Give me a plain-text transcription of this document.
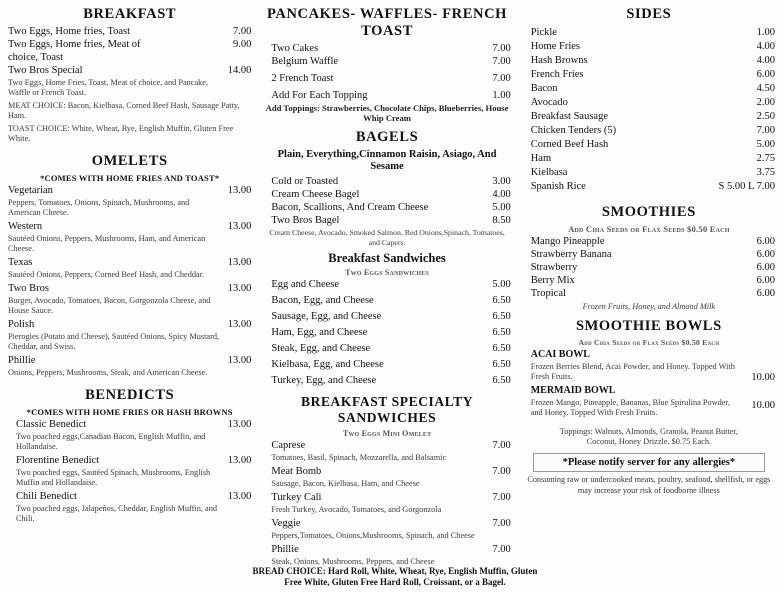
BREAKFAST
Two Eggs, Home fries, Toast	7.00
Two Eggs, Home fries, Meat of	9.00
choice, Toast
Two Bros Special	14.00
Two Eggs, Home Fries, Toast, Meat of choice, and Pancake, Waffle or French Toast.
MEAT CHOICE: Bacon, Kielbasa, Corned Beef Hash, Sausage Patty, Ham.
TOAST CHOICE: White, Wheat, Rye, English Muffin, Gluten Free White.
OMELETS
*COMES WITH HOME FRIES AND TOAST*
Vegetarian	13.00
Peppers, Tomatoes, Onions, Spinach, Mushrooms, and American Cheese.
Western	13.00
Sautéed Onions, Peppers, Mushrooms, Ham, and American Cheese.
Texas	13.00
Sautéed Onions, Peppers, Corned Beef Hash, and Cheddar.
Two Bros	13.00
Burger, Avocado, Tomatoes, Bacon, Gorgonzola Cheese, and House Sauce.
Polish	13.00
Pierogies (Potato and Cheese), Sautéed Onions, Spicy Mustard, Cheddar, and Swiss.
Phillie	13.00
Onions, Peppers, Mushrooms, Steak, and American Cheese.
BENEDICTS
*COMES WITH HOME FRIES OR HASH BROWNS
Classic Benedict	13.00
Two poached eggs,Canadian Bacon, English Muffin, and Hollandaise.
Florentine Benedict	13.00
Two poached eggs, Sautéed Spinach, Mushrooms, English Muffin and Hollandaise.
Chili Benedict	13.00
Two poached eggs, Jalapeños, Cheddar, English Muffin, and Chili.
PANCAKES- WAFFLES- FRENCH TOAST
Two Cakes	7.00
Belgium Waffle	7.00
2 French Toast	7.00
Add For Each Topping	1.00
Add Toppings: Strawberries, Chocolate Chips, Blueberries, House Whip Cream
BAGELS
Plain, Everything,Cinnamon Raisin, Asiago, And Sesame
Cold or Toasted	3.00
Cream Cheese Bagel	4.00
Bacon, Scallions, And Cream Cheese	5.00
Two Bros Bagel	8.50
Cream Cheese, Avocado, Smoked Salmon, Red Onions,Spinach, Tomatoes, and Capers.
Breakfast Sandwiches
Two Eggs Sandwiches
Egg and Cheese	5.00
Bacon, Egg, and Cheese	6.50
Sausage, Egg, and Cheese	6.50
Ham, Egg, and Cheese	6.50
Steak, Egg, and Cheese	6.50
Kielbasa, Egg, and Cheese	6.50
Turkey, Egg, and Cheese	6.50
BREAKFAST SPECIALTY SANDWICHES
Two Eggs Mini Omelet
Caprese	7.00
Tomatoes, Basil, Spinach, Mozzarella, and Balsamic
Meat Bomb	7.00
Sausage, Bacon, Kielbasa, Ham, and Cheese
Turkey Cali	7.00
Fresh Turkey, Avocado, Tomatoes, and Gorgonzola
Veggie	7.00
Peppers,Tomatoes, Onions,Mushrooms, Spinach, and Cheese
Phillie	7.00
Steak, Onions, Mushrooms, Peppers, and Cheese
SIDES
Pickle	1.00
Home Fries	4.00
Hash Browns	4.00
French Fries	6.00
Bacon	4.50
Avocado	2.00
Breakfast Sausage	2.50
Chicken Tenders (5)	7.00
Corned Beef Hash	5.00
Ham	2.75
Kielbasa	3.75
Spanish Rice	S 5.00 L 7.00
SMOOTHIES
Add Chia Seeds or Flax Seeds $0.50 Each
Mango Pineapple	6.00
Strawberry Banana	6.00
Strawberry	6.00
Berry Mix	6.00
Tropical	6.00
Frozen Fruits, Honey, and Almond Milk
SMOOTHIE BOWLS
Add Chia Seeds or Flax Seeds $0.50 Each
ACAI BOWL
Frozen Berries Blend, Acai Powder, and Honey. Topped With Fresh Fruits.	10.00
MERMAID BOWL
Frozen Mango, Pineapple, Bananas, Blue Spirulina Powder, and Honey. Topped With Fresh Fruits.
10.00
Toppings: Walnuts, Almonds, Granola, Peanut Butter, Coconut, Honey Drizzle. $0.75 Each.
*Please notify server for any allergies*
Consuming raw or undercooked meats, poultry, seafood, shellfish, or eggs may increase your risk of foodborne illness
BREAD CHOICE: Hard Roll, White, Wheat, Rye, English Muffin, Gluten Free White, Gluten Free Hard Roll, Croissant, or a Bagel.
